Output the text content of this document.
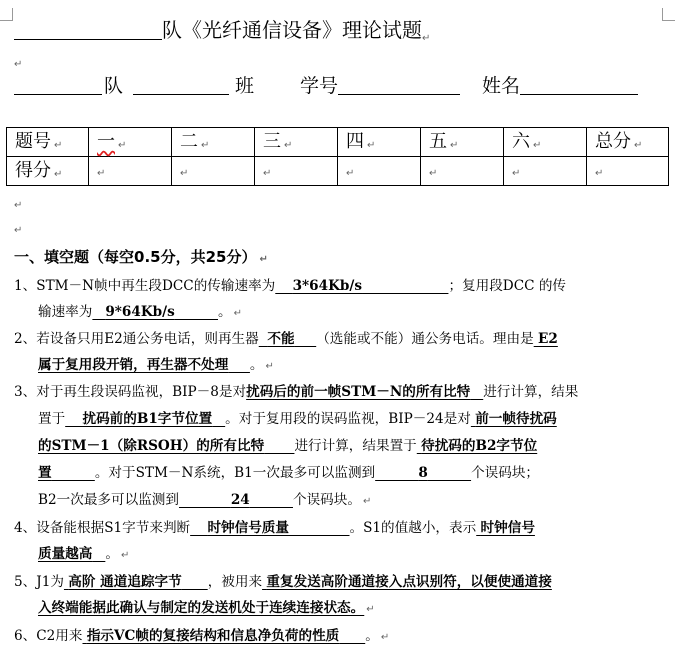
队《光纤通信设备》理论试题$_↵$
↵
队	班 学号	姓名
题号 ↵	一 ↵	二 ↵	三 ↵	四 ↵	五 ↵	六 ↵	总分 ↵
得分 ↵	↵	↵	↵	↵	↵	↵	↵
↵
↵
一、填空题（每空0.5分，共25分） ↵
1、STM－N帧中再生段DCC的传输速率为 3*64Kb/s	；复用段DCC 的传
输速率为 9*64Kb/s	。 ↵
2、若设备只用E2通公务电话，则再生器 不能 （选能或不能）通公务电话。理由是 E2
属于复用段开销，再生器不处理 。 ↵
3、对于再生段误码监视，BIP－8是对扰码后的前一帧STM－N的所有比特 进行计算，结果
置于 扰码前的B1字节位置 。对于复用段的误码监视，BIP－24是对 前一帧待扰码
的STM－1（除RSOH）的所有比特 进行计算，结果置于 待扰码的B2字节位
置	。对于STM－N系统，B1一次最多可以监测到	8	个误码块；
B2一次最多可以监测到	24	个误码块。 ↵
4、设备能根据S1字节来判断 时钟信号质量	。S1的值越小，表示 时钟信号
质量越高 。 ↵
5、J1为 高阶 通道追踪字节 ，被用来 重复发送高阶通道接入点识别符，以便使通道接
入终端能据此确认与制定的发送机处于连续连接状态。 ↵
6、C2用来 指示VC帧的复接结构和信息净负荷的性质 。 ↵
